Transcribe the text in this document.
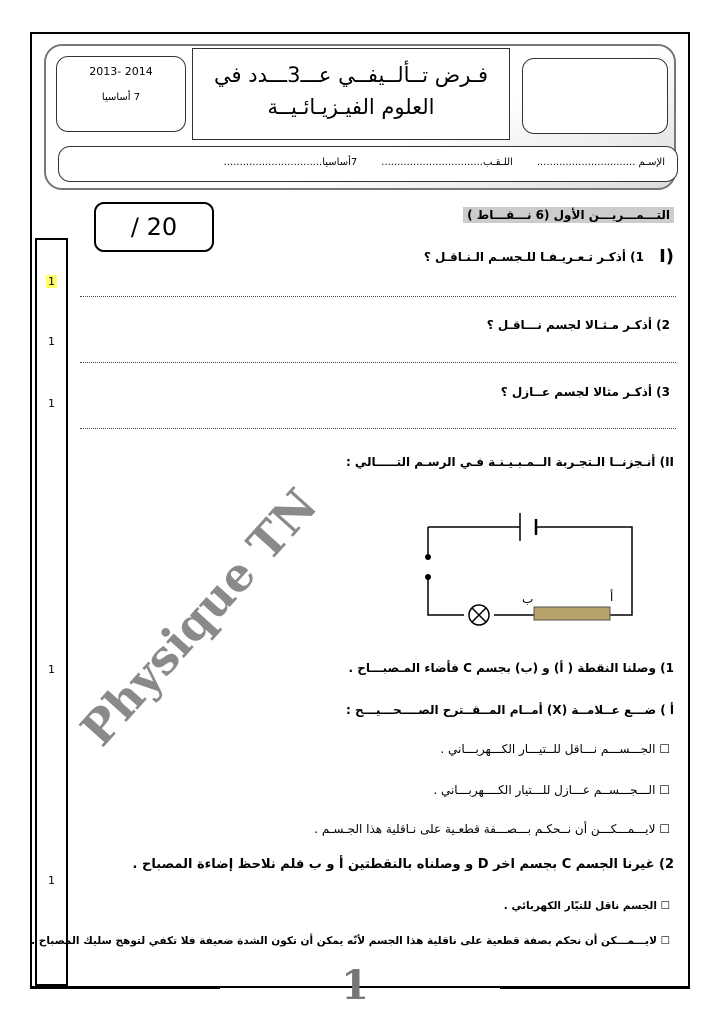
2013- 2014
7 أساسيا
فـرض تــألــيفــي عـــ3ـــدد في
العلوم الفيـزيـائـيــة
الإسـم ...............................
اللـقـب................................
7أساسيا...............................
/ 20
1
1
1
1
1
التـــمـــريـــن الأول (6 نـــقـــاط )
I)
1) أذكـر تـعـريـفـا للـجسـم الـنـاقـل ؟
2) أذكـر مـثـالا لجسم نـــاقـل ؟
3) أذكـر مثالا لجسم عــازل ؟
II) أنـجزنــا الـتجـربة الــمـبـيـنـة فـي الرسـم التـــــالي :
أ
ب
1) وصلنا النقطة ( أ) و (ب) بجسم C فأضاء المـصبـــاح .
أ ) ضـــع عــلامــة (X) أمــام المــقــترح الصــــحـــيـــح :
☐ الجـــســـم نـــاقل للــتيـــار الكـــهربـــاني .
☐ الـــجـــســم عـــازل للـــتيار الكــــهربـــاني .
☐ لايـــمـــكـــن أن نــحكـم بـــصـــفة قطعـية على نـاقلية هذا الجـسـم .
2) غيرنا الجسم C بجسم اخر D و وصلناه بالنقطتين أ و ب فلم نلاحظ إضاءة المصباح .
☐ الجسم ناقل للتيّار الكهربائي .
☐ لايـــمـــكن أن نحكم بصفة قطعية على ناقلية هذا الجسم لأنّه يمكن أن تكون الشدة ضعيفة فلا تكفي لتوهج سليك المصباح .
Physique TN
1
